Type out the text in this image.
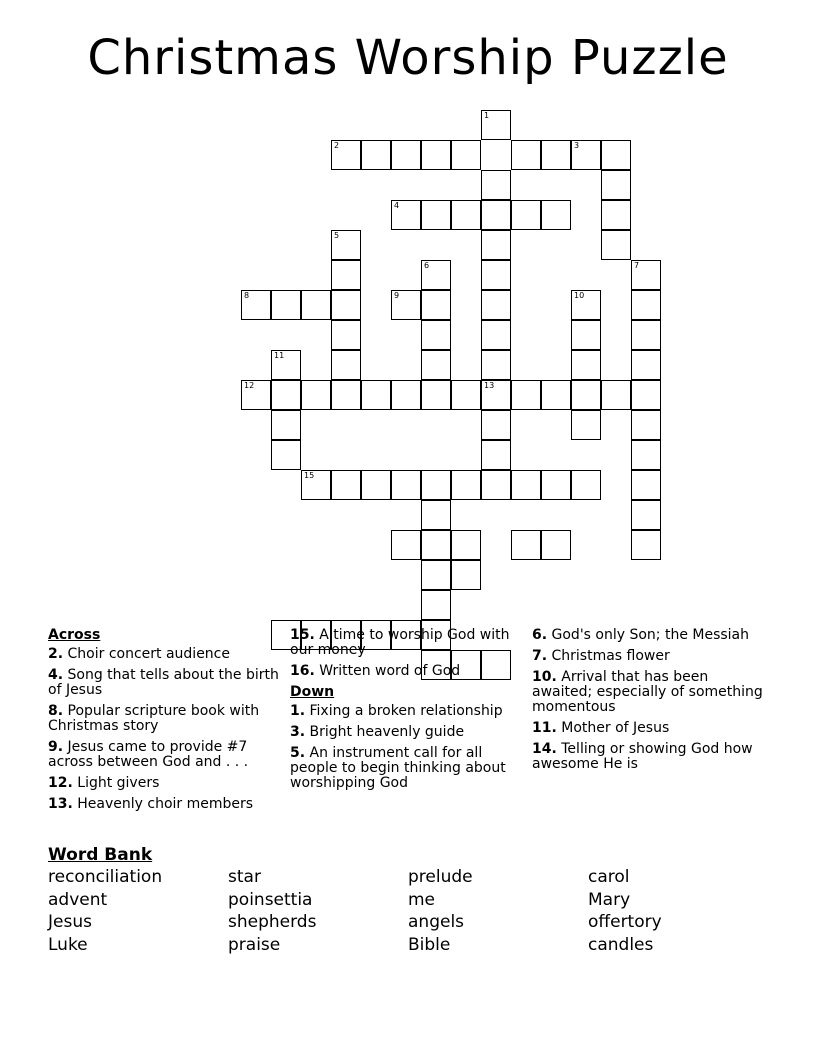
Christmas Worship Puzzle
1
13
2	3
4
5
6
8	9	10
7
11
12
15
Across
2. Choir concert audience
4. Song that tells about the birth of Jesus
8. Popular scripture book with Christmas story
9. Jesus came to provide #7 across between God and . . .
12. Light givers
13. Heavenly choir members
15. A time to worship God with our money
16. Written word of God
Down
1. Fixing a broken relationship
3. Bright heavenly guide
5. An instrument call for all people to begin thinking about worshipping God
6. God's only Son; the Messiah
7. Christmas flower
10. Arrival that has been awaited; especially of something momentous
11. Mother of Jesus
14. Telling or showing God how awesome He is
Word Bank
reconciliation	star	prelude	carol
advent	poinsettia	me	Mary
Jesus	shepherds	angels	offertory
Luke	praise	Bible	candles
